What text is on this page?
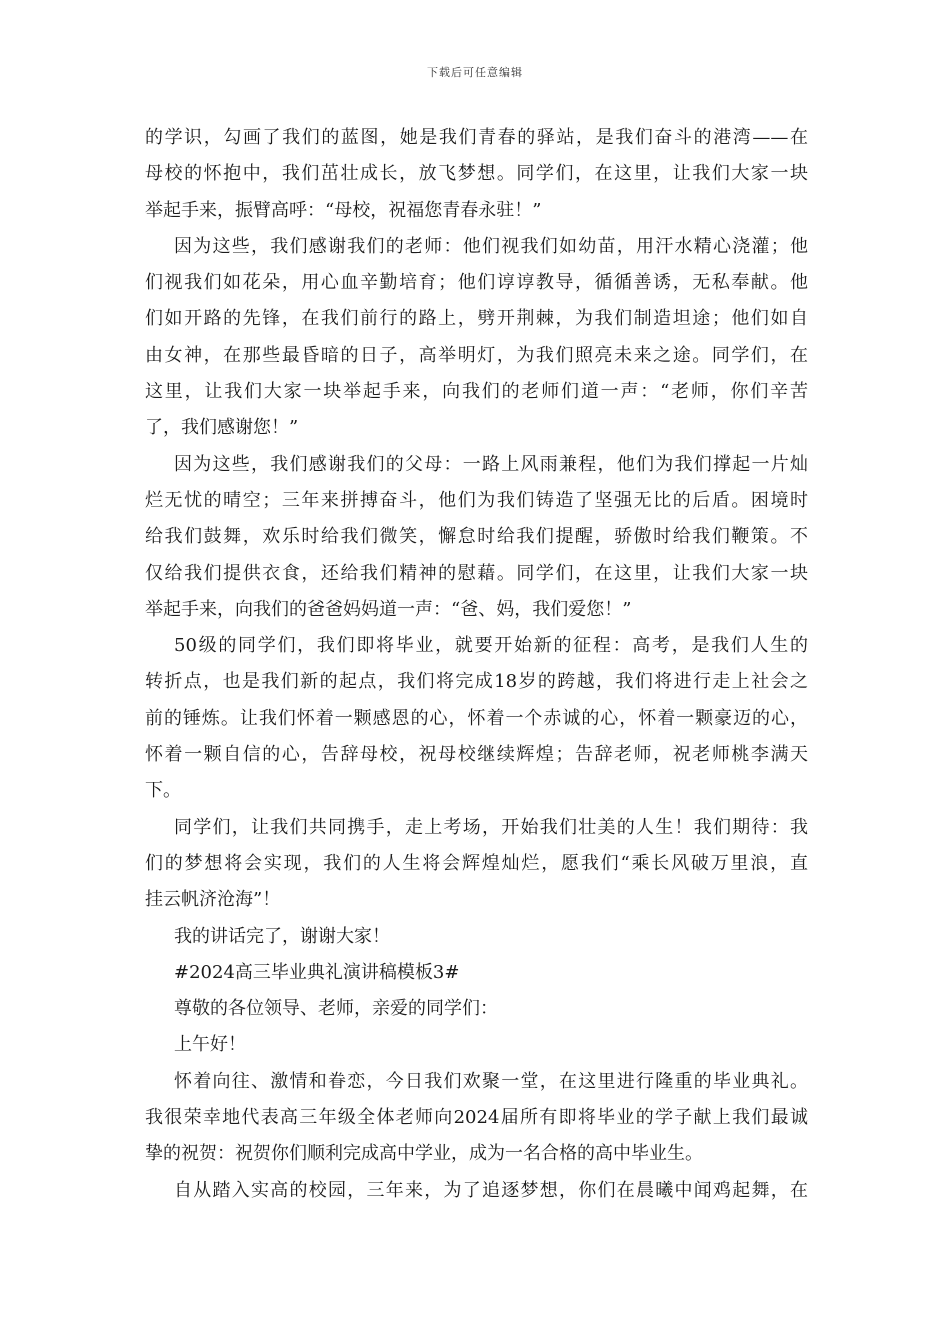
下载后可任意编辑
的学识，勾画了我们的蓝图，她是我们青春的驿站，是我们奋斗的港湾——在
母校的怀抱中，我们茁壮成长，放飞梦想。同学们，在这里，让我们大家一块
举起手来，振臂高呼：“母校，祝福您青春永驻！”
因为这些，我们感谢我们的老师：他们视我们如幼苗，用汗水精心浇灌；他
们视我们如花朵，用心血辛勤培育；他们谆谆教导，循循善诱，无私奉献。他
们如开路的先锋，在我们前行的路上，劈开荆棘，为我们制造坦途；他们如自
由女神，在那些最昏暗的日子，高举明灯，为我们照亮未来之途。同学们，在
这里，让我们大家一块举起手来，向我们的老师们道一声：“老师，你们辛苦
了，我们感谢您！”
因为这些，我们感谢我们的父母：一路上风雨兼程，他们为我们撑起一片灿
烂无忧的晴空；三年来拼搏奋斗，他们为我们铸造了坚强无比的后盾。困境时
给我们鼓舞，欢乐时给我们微笑，懈怠时给我们提醒，骄傲时给我们鞭策。不
仅给我们提供衣食，还给我们精神的慰藉。同学们，在这里，让我们大家一块
举起手来，向我们的爸爸妈妈道一声：“爸、妈，我们爱您！”
50级的同学们，我们即将毕业，就要开始新的征程：高考，是我们人生的
转折点，也是我们新的起点，我们将完成18岁的跨越，我们将进行走上社会之
前的锤炼。让我们怀着一颗感恩的心，怀着一个赤诚的心，怀着一颗豪迈的心，
怀着一颗自信的心，告辞母校，祝母校继续辉煌；告辞老师，祝老师桃李满天
下。
同学们，让我们共同携手，走上考场，开始我们壮美的人生！我们期待：我
们的梦想将会实现，我们的人生将会辉煌灿烂，愿我们“乘长风破万里浪，直
挂云帆济沧海”！
我的讲话完了，谢谢大家！
#2024高三毕业典礼演讲稿模板3#
尊敬的各位领导、老师，亲爱的同学们：
上午好！
怀着向往、激情和眷恋，今日我们欢聚一堂，在这里进行隆重的毕业典礼。
我很荣幸地代表高三年级全体老师向2024届所有即将毕业的学子献上我们最诚
挚的祝贺：祝贺你们顺利完成高中学业，成为一名合格的高中毕业生。
自从踏入实高的校园，三年来，为了追逐梦想，你们在晨曦中闻鸡起舞，在
